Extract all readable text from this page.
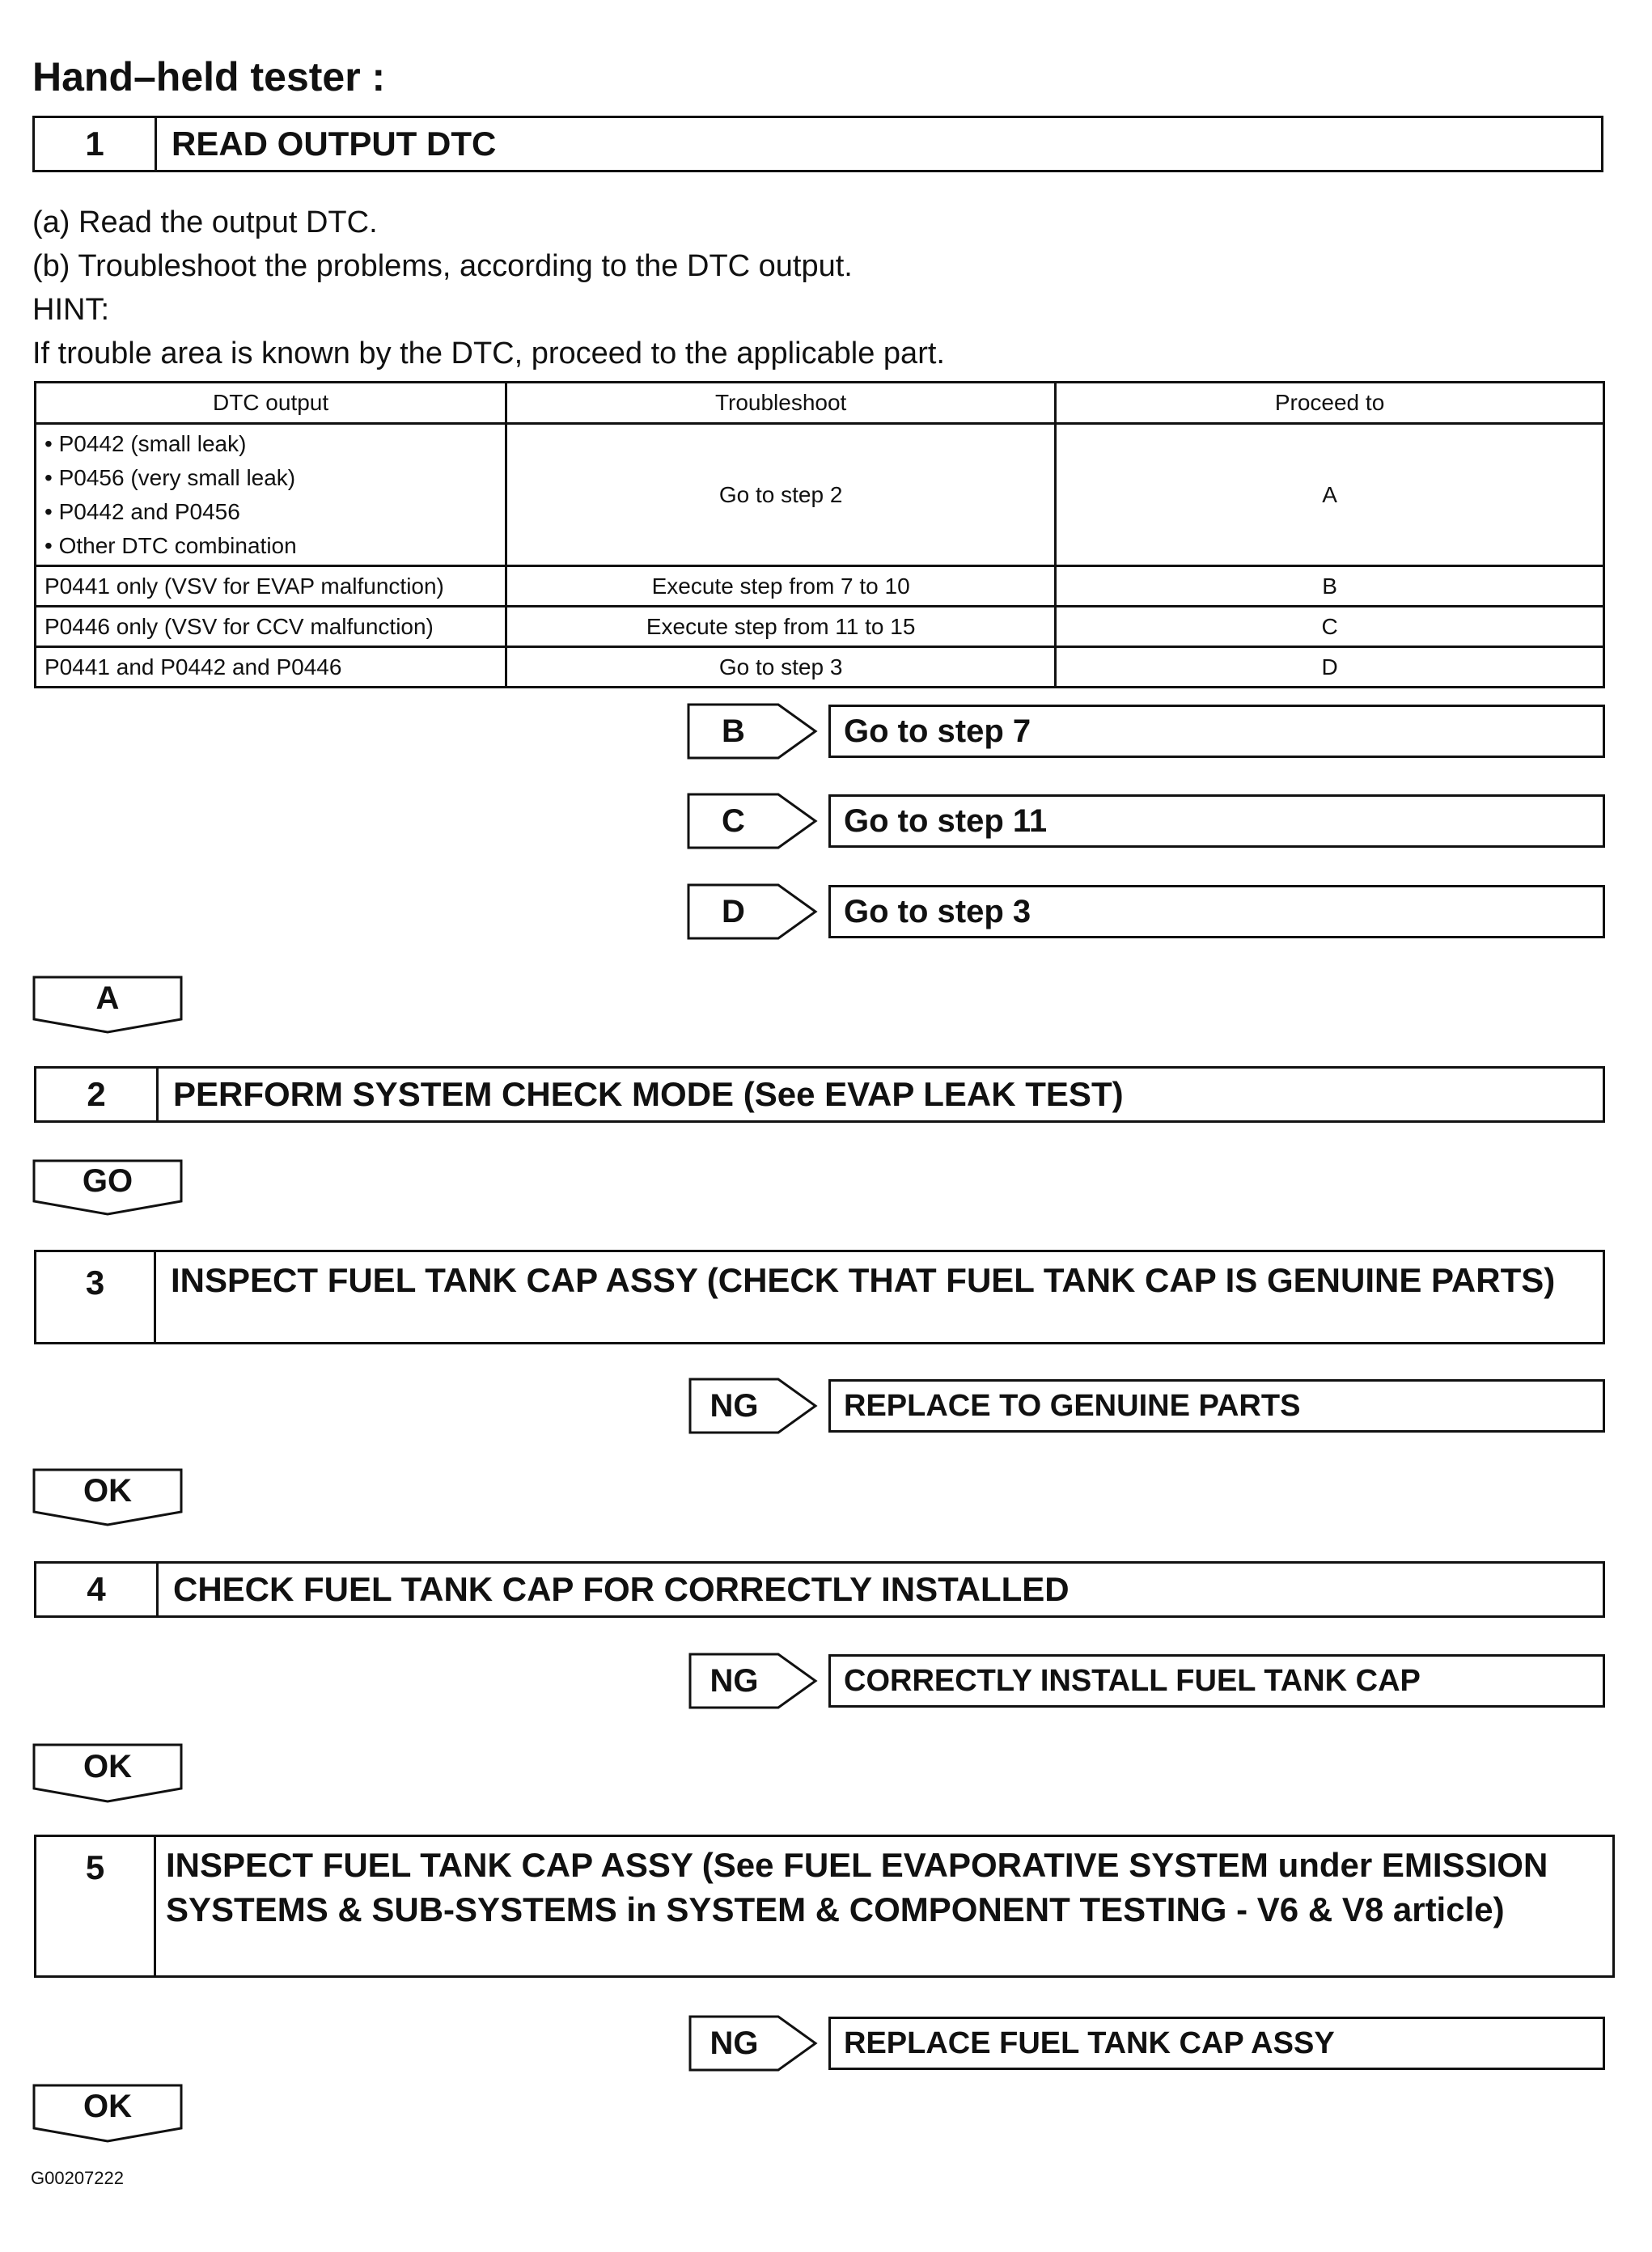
Hand–held tester :
1	READ OUTPUT DTC
(a) Read the output DTC.
(b) Troubleshoot the problems, according to the DTC output.
HINT:
If trouble area is known by the DTC, proceed to the applicable part.
DTC output	Troubleshoot	Proceed to

• P0442 (small leak)
• P0456 (very small leak)
• P0442 and P0456
• Other DTC combination	Go to step 2	A
P0441 only (VSV for EVAP malfunction)	Execute step from 7 to 10	B
P0446 only (VSV for CCV malfunction)	Execute step from 11 to 15	C
P0441 and P0442 and P0446	Go to step 3	D
B	Go to step 7
C	Go to step 11
D	Go to step 3
A
2	PERFORM SYSTEM CHECK MODE (See EVAP LEAK TEST)
GO
3	INSPECT FUEL TANK CAP ASSY (CHECK THAT FUEL TANK CAP IS GENUINE PARTS)
NG	REPLACE TO GENUINE PARTS
OK
4	CHECK FUEL TANK CAP FOR CORRECTLY INSTALLED
NG	CORRECTLY INSTALL FUEL TANK CAP
OK
5	INSPECT FUEL TANK CAP ASSY (See FUEL EVAPORATIVE SYSTEM under EMISSION SYSTEMS & SUB-SYSTEMS in SYSTEM & COMPONENT TESTING - V6 & V8 article)
NG	REPLACE FUEL TANK CAP ASSY
OK
G00207222
